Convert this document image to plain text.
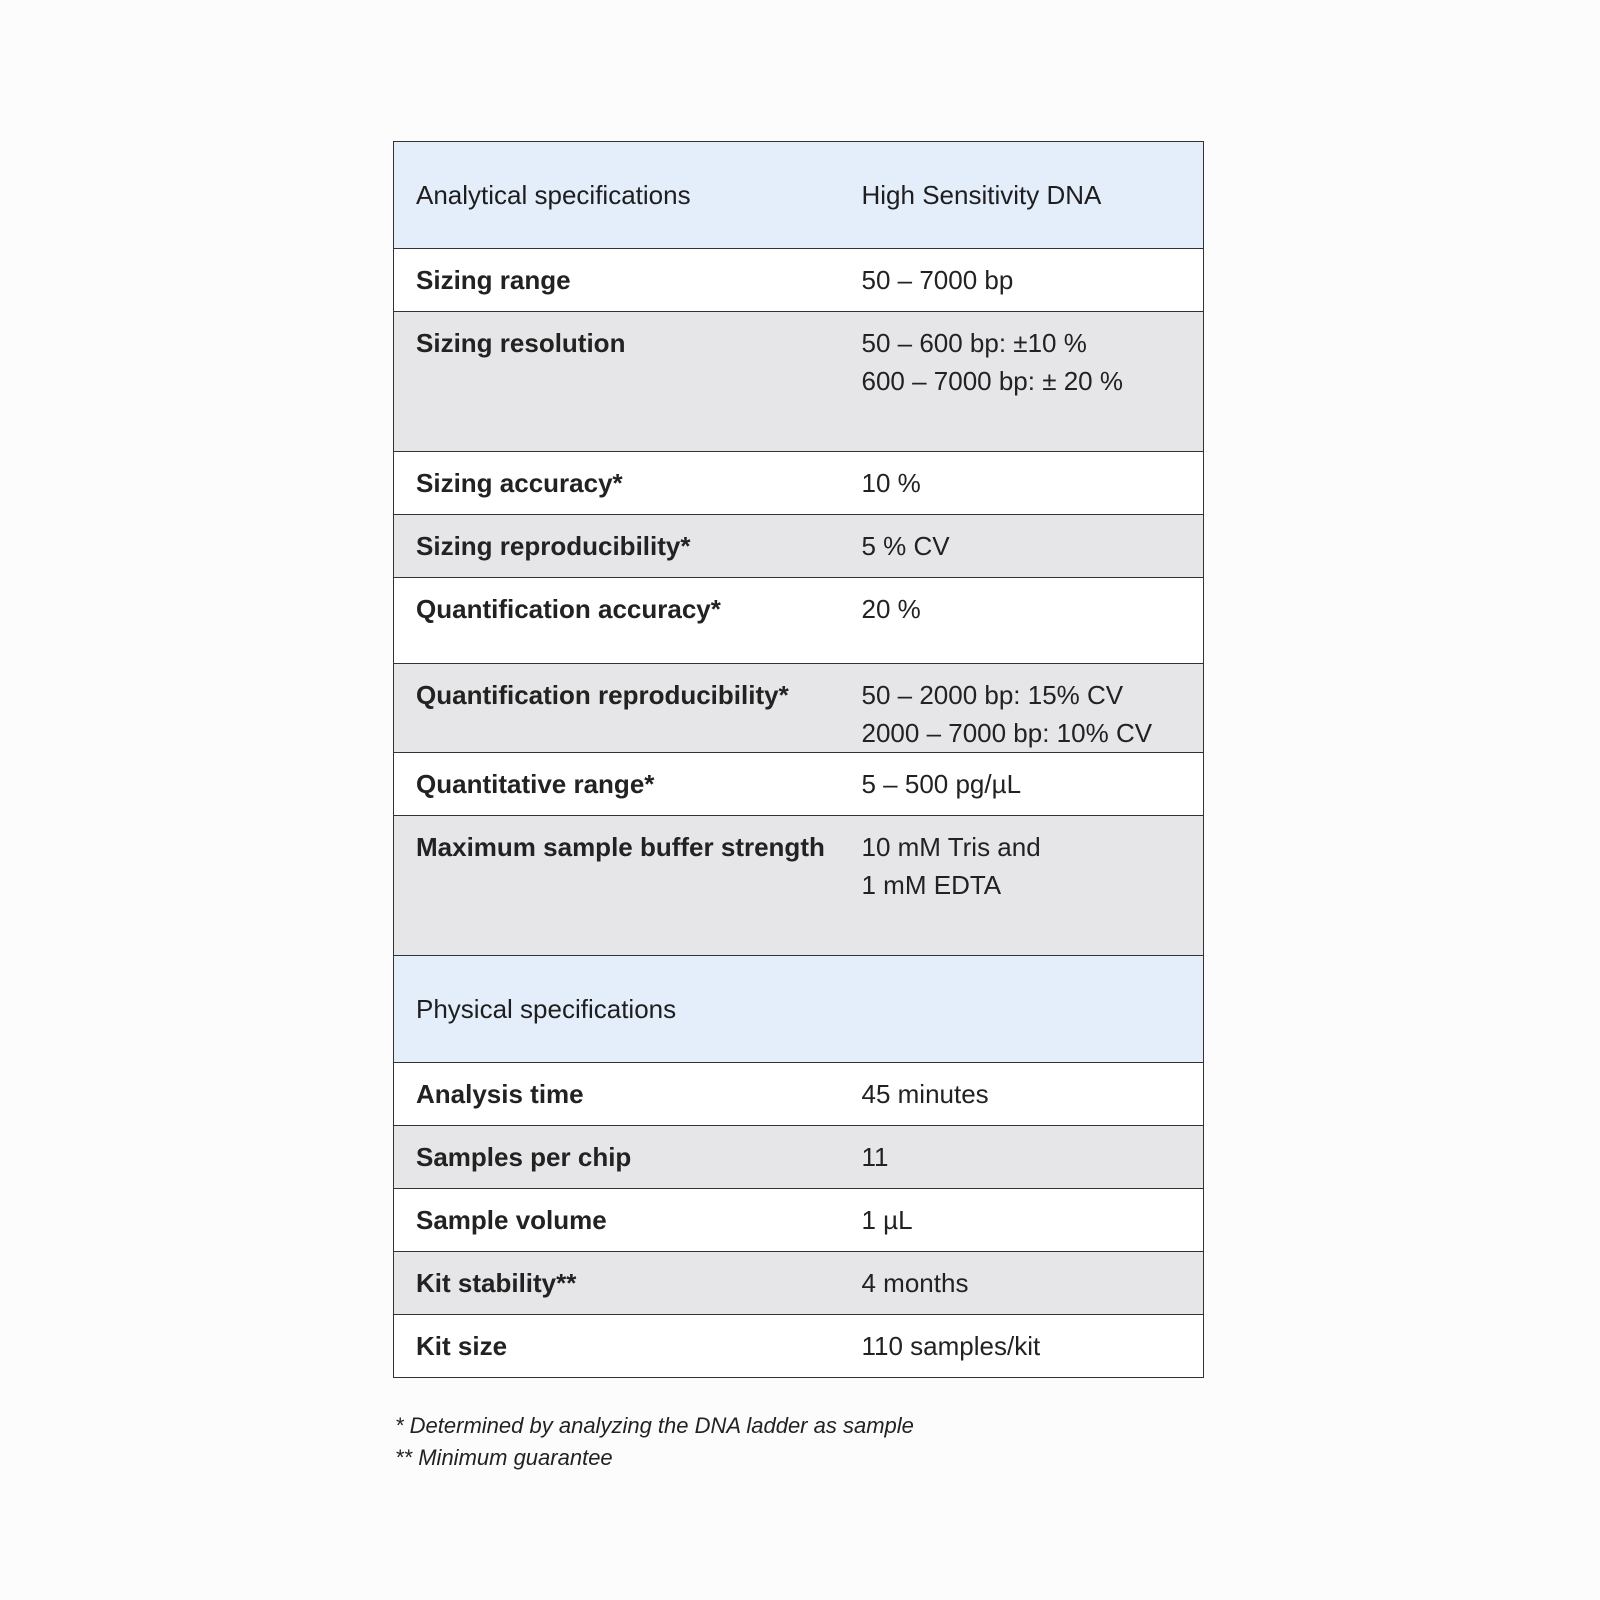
Analytical specifications	High Sensitivity DNA
Sizing range	50 – 7000 bp

Sizing resolution	50 – 600 bp: ±10 %
600 – 7000 bp: ± 20 %

Sizing accuracy*	10 %

Sizing reproducibility*	5 % CV

Quantification accuracy*	20 %

Quantification reproducibility*	50 – 2000 bp: 15% CV
2000 – 7000 bp: 10% CV

Quantitative range*	5 – 500 pg/µL

Maximum sample buffer strength	10 mM Tris and
1 mM EDTA

Physical specifications	
Analysis time	45 minutes

Samples per chip	11

Sample volume	1 µL

Kit stability**	4 months

Kit size	110 samples/kit
* Determined by analyzing the DNA ladder as sample
** Minimum guarantee
